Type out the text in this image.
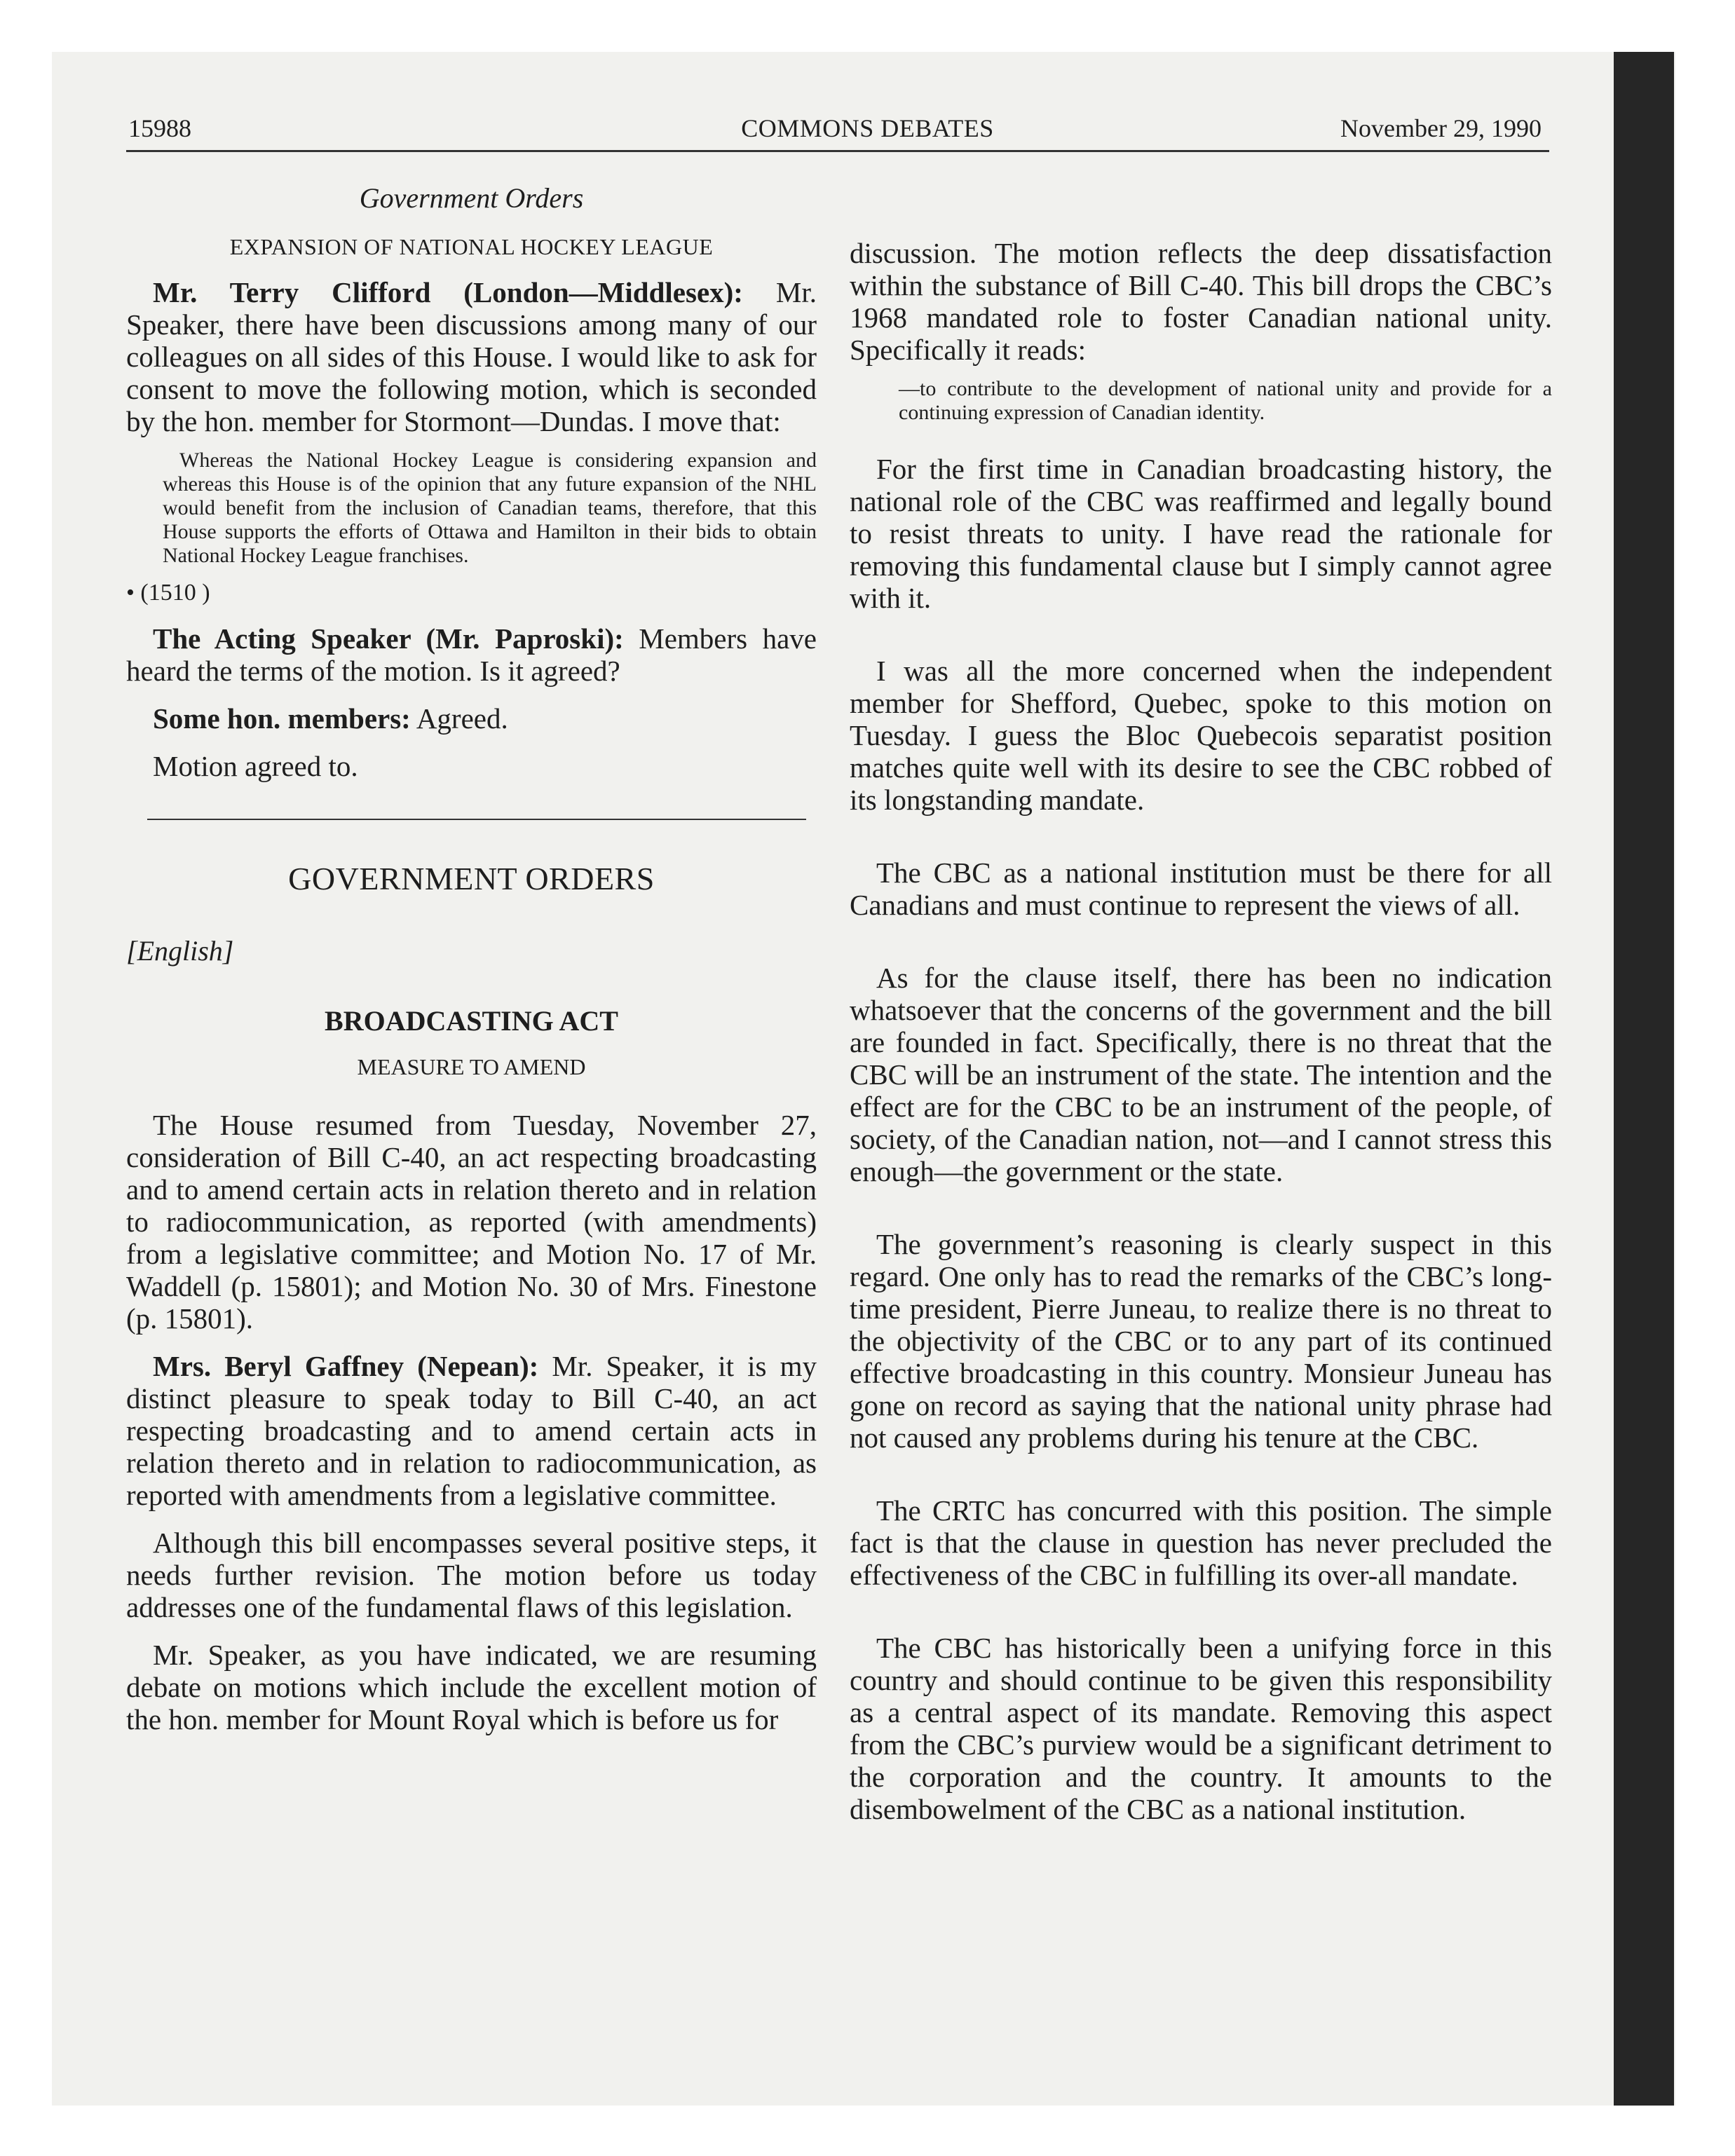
15988	COMMONS DEBATES	November 29, 1990
Government Orders
EXPANSION OF NATIONAL HOCKEY LEAGUE

Mr. Terry Clifford (London—Middlesex): Mr. Speaker, there have been discussions among many of our colleagues on all sides of this House. I would like to ask for consent to move the following motion, which is seconded by the hon. member for Stormont—Dundas. I move that:

Whereas the National Hockey League is considering expansion and whereas this House is of the opinion that any future expansion of the NHL would benefit from the inclusion of Canadian teams, therefore, that this House supports the efforts of Ottawa and Hamilton in their bids to obtain National Hockey League franchises.
• (1510 )

The Acting Speaker (Mr. Paproski): Members have heard the terms of the motion. Is it agreed?

Some hon. members: Agreed.

Motion agreed to.

GOVERNMENT ORDERS
[English]
BROADCASTING ACT
MEASURE TO AMEND

The House resumed from Tuesday, November 27, consideration of Bill C-40, an act respecting broadcasting and to amend certain acts in relation thereto and in relation to radiocommunication, as reported (with amendments) from a legislative committee; and Motion No. 17 of Mr. Waddell (p. 15801); and Motion No. 30 of Mrs. Finestone (p. 15801).

Mrs. Beryl Gaffney (Nepean): Mr. Speaker, it is my distinct pleasure to speak today to Bill C-40, an act respecting broadcasting and to amend certain acts in relation thereto and in relation to radiocommunication, as reported with amendments from a legislative committee.

Although this bill encompasses several positive steps, it needs further revision. The motion before us today addresses one of the fundamental flaws of this legislation.

Mr. Speaker, as you have indicated, we are resuming debate on motions which include the excellent motion of the hon. member for Mount Royal which is before us for

discussion. The motion reflects the deep dissatisfaction within the substance of Bill C-40. This bill drops the CBC’s 1968 mandated role to foster Canadian national unity. Specifically it reads:

—to contribute to the development of national unity and provide for a continuing expression of Canadian identity.

For the first time in Canadian broadcasting history, the national role of the CBC was reaffirmed and legally bound to resist threats to unity. I have read the rationale for removing this fundamental clause but I simply cannot agree with it.

I was all the more concerned when the independent member for Shefford, Quebec, spoke to this motion on Tuesday. I guess the Bloc Quebecois separatist position matches quite well with its desire to see the CBC robbed of its longstanding mandate.

The CBC as a national institution must be there for all Canadians and must continue to represent the views of all.

As for the clause itself, there has been no indication whatsoever that the concerns of the government and the bill are founded in fact. Specifically, there is no threat that the CBC will be an instrument of the state. The intention and the effect are for the CBC to be an instrument of the people, of society, of the Canadian nation, not—and I cannot stress this enough—the government or the state.

The government’s reasoning is clearly suspect in this regard. One only has to read the remarks of the CBC’s long-time president, Pierre Juneau, to realize there is no threat to the objectivity of the CBC or to any part of its continued effective broadcasting in this country. Monsieur Juneau has gone on record as saying that the national unity phrase had not caused any problems during his tenure at the CBC.

The CRTC has concurred with this position. The simple fact is that the clause in question has never precluded the effectiveness of the CBC in fulfilling its over-all mandate.

The CBC has historically been a unifying force in this country and should continue to be given this responsibility as a central aspect of its mandate. Removing this aspect from the CBC’s purview would be a significant detriment to the corporation and the country. It amounts to the disembowelment of the CBC as a national institution.
